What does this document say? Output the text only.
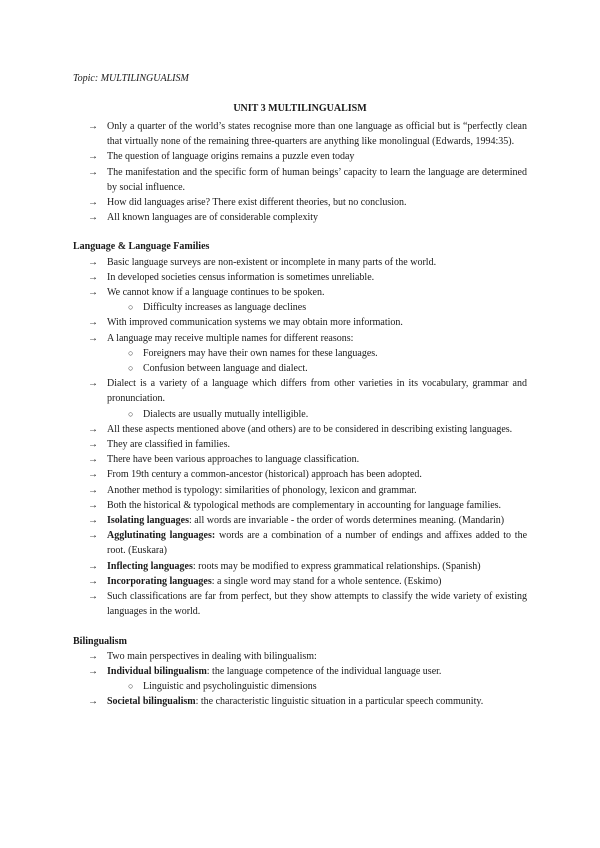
Topic: MULTILINGUALISM
UNIT 3 MULTILINGUALISM
→ Only a quarter of the world’s states recognise more than one language as official but is “perfectly clean that virtually none of the remaining three-quarters are anything like monolingual (Edwards, 1994:35).
→ The question of language origins remains a puzzle even today
→ The manifestation and the specific form of human beings’ capacity to learn the language are determined by social influence.
→ How did languages arise? There exist different theories, but no conclusion.
→ All known languages are of considerable complexity
Language & Language Families
→ Basic language surveys are non-existent or incomplete in many parts of the world.
→ In developed societies census information is sometimes unreliable.
→ We cannot know if a language continues to be spoken.
○ Difficulty increases as language declines
→ With improved communication systems we may obtain more information.
→ A language may receive multiple names for different reasons:
○ Foreigners may have their own names for these languages.
○ Confusion between language and dialect.
→ Dialect is a variety of a language which differs from other varieties in its vocabulary, grammar and pronunciation.
○ Dialects are usually mutually intelligible.
→ All these aspects mentioned above (and others) are to be considered in describing existing languages.
→ They are classified in families.
→ There have been various approaches to language classification.
→ From 19th century a common-ancestor (historical) approach has been adopted.
→ Another method is typology: similarities of phonology, lexicon and grammar.
→ Both the historical & typological methods are complementary in accounting for language families.
→ Isolating languages: all words are invariable - the order of words determines meaning. (Mandarin)
→ Agglutinating languages: words are a combination of a number of endings and affixes added to the root. (Euskara)
→ Inflecting languages: roots may be modified to express grammatical relationships. (Spanish)
→ Incorporating languages: a single word may stand for a whole sentence. (Eskimo)
→ Such classifications are far from perfect, but they show attempts to classify the wide variety of existing languages in the world.
Bilingualism
→ Two main perspectives in dealing with bilingualism:
→ Individual bilingualism: the language competence of the individual language user.
○ Linguistic and psycholinguistic dimensions
→ Societal bilingualism: the characteristic linguistic situation in a particular speech community.
